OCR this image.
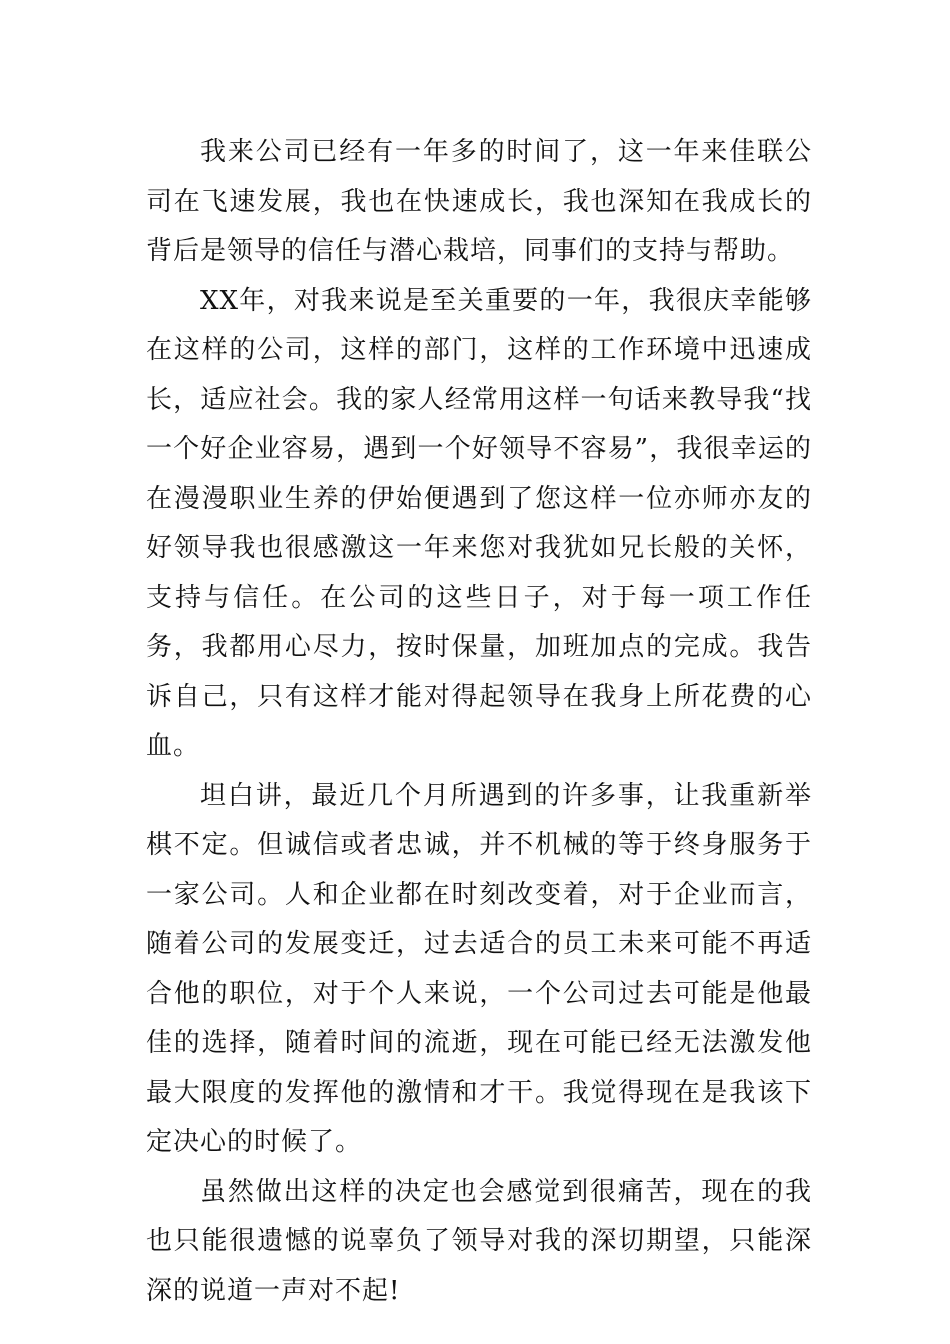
我来公司已经有一年多的时间了，这一年来佳联公司在飞速发展，我也在快速成长，我也深知在我成长的背后是领导的信任与潜心栽培，同事们的支持与帮助。

XX年，对我来说是至关重要的一年，我很庆幸能够在这样的公司，这样的部门，这样的工作环境中迅速成长，适应社会。我的家人经常用这样一句话来教导我“找一个好企业容易，遇到一个好领导不容易”，我很幸运的在漫漫职业生养的伊始便遇到了您这样一位亦师亦友的好领导我也很感激这一年来您对我犹如兄长般的关怀，支持与信任。在公司的这些日子，对于每一项工作任务，我都用心尽力，按时保量，加班加点的完成。我告诉自己，只有这样才能对得起领导在我身上所花费的心血。

坦白讲，最近几个月所遇到的许多事，让我重新举棋不定。但诚信或者忠诚，并不机械的等于终身服务于一家公司。人和企业都在时刻改变着，对于企业而言，随着公司的发展变迁，过去适合的员工未来可能不再适合他的职位，对于个人来说，一个公司过去可能是他最佳的选择，随着时间的流逝，现在可能已经无法激发他最大限度的发挥他的激情和才干。我觉得现在是我该下定决心的时候了。

虽然做出这样的决定也会感觉到很痛苦，现在的我也只能很遗憾的说辜负了领导对我的深切期望，只能深深的说道一声对不起!
